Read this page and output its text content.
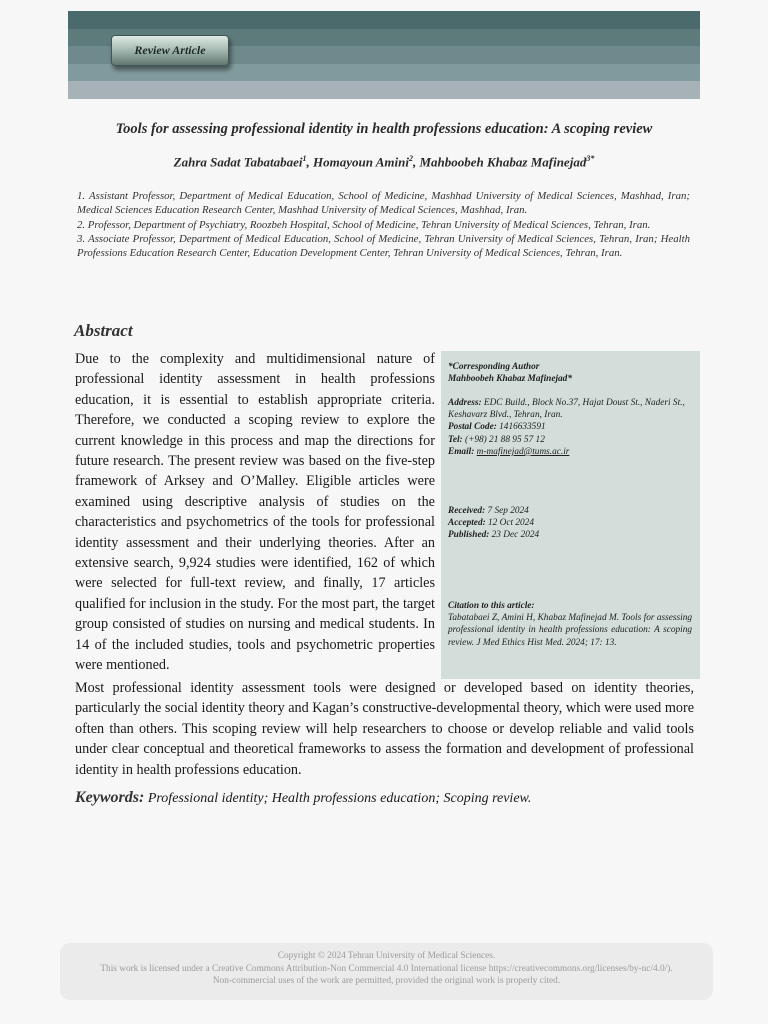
Review Article
Tools for assessing professional identity in health professions education: A scoping review
Zahra Sadat Tabatabaei$^1$, Homayoun Amini$^2$, Mahboobeh Khabaz Mafinejad$^{3*}$

1. Assistant Professor, Department of Medical Education, School of Medicine, Mashhad University of Medical Sciences, Mashhad, Iran; Medical Sciences Education Research Center, Mashhad University of Medical Sciences, Mashhad, Iran.

2. Professor, Department of Psychiatry, Roozbeh Hospital, School of Medicine, Tehran University of Medical Sciences, Tehran, Iran.

3. Associate Professor, Department of Medical Education, School of Medicine, Tehran University of Medical Sciences, Tehran, Iran; Health Professions Education Research Center, Education Development Center, Tehran University of Medical Sciences, Tehran, Iran.

Abstract
Due to the complexity and multidimensional nature of professional identity assessment in health professions education, it is essential to establish appropriate criteria. Therefore, we conducted a scoping review to explore the current knowledge in this process and map the directions for future research. The present review was based on the five-step framework of Arksey and O’Malley. Eligible articles were examined using descriptive analysis of studies on the characteristics and psychometrics of the tools for professional identity assessment and their underlying theories. After an extensive search, 9,924 studies were identified, 162 of which were selected for full-text review, and finally, 17 articles qualified for inclusion in the study. For the most part, the target group consisted of studies on nursing and medical students. In 14 of the included studies, tools and psychometric properties were mentioned.
Most professional identity assessment tools were designed or developed based on identity theories, particularly the social identity theory and Kagan’s constructive-developmental theory, which were used more often than others. This scoping review will help researchers to choose or develop reliable and valid tools under clear conceptual and theoretical frameworks to assess the formation and development of professional identity in health professions education.
*Corresponding Author
Mahboobeh Khabaz Mafinejad*
Address: EDC Build., Block No.37, Hajat Doust St., Naderi St., Keshavarz Blvd., Tehran, Iran.
Postal Code: 1416633591
Tel: (+98) 21 88 95 57 12
Email: m-mafinejad@tums.ac.ir
Received: 7 Sep 2024
Accepted: 12 Oct 2024
Published: 23 Dec 2024
Citation to this article:

Tabatabaei Z, Amini H, Khabaz Mafinejad M. Tools for assessing professional identity in health professions education: A scoping review. J Med Ethics Hist Med. 2024; 17: 13.
Keywords: Professional identity; Health professions education; Scoping review.
Copyright © 2024 Tehran University of Medical Sciences.
This work is licensed under a Creative Commons Attribution-Non Commercial 4.0 International license https://creativecommons.org/licenses/by-nc/4.0/).
Non-commercial uses of the work are permitted, provided the original work is properly cited.
